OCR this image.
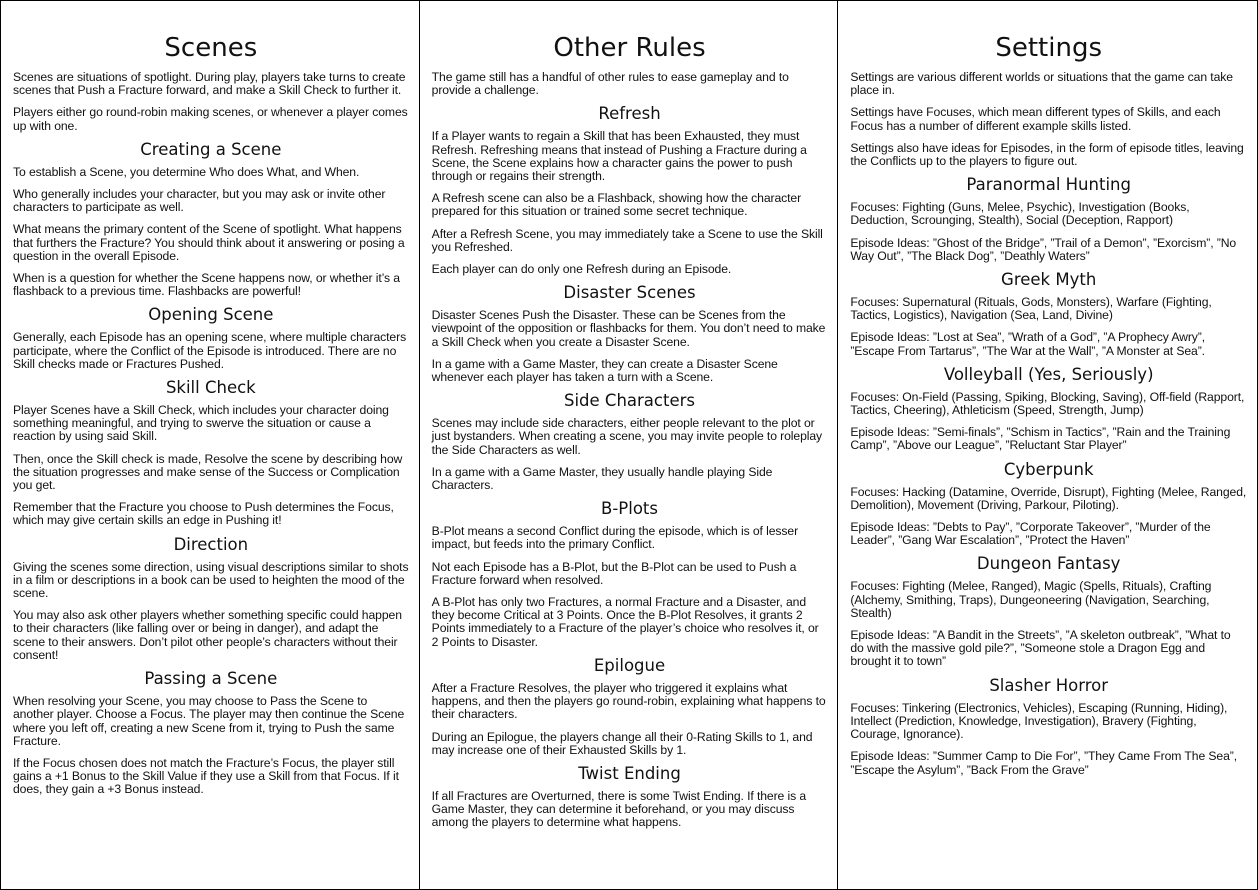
Scenes

Scenes are situations of spotlight. During play, players take turns to create scenes that Push a Fracture forward, and make a Skill Check to further it.

Players either go round-robin making scenes, or whenever a player comes up with one.

Creating a Scene

To establish a Scene, you determine Who does What, and When.

Who generally includes your character, but you may ask or invite other characters to participate as well.

What means the primary content of the Scene of spotlight. What happens that furthers the Fracture? You should think about it answering or posing a question in the overall Episode.

When is a question for whether the Scene happens now, or whether it’s a flashback to a previous time. Flashbacks are powerful!

Opening Scene

Generally, each Episode has an opening scene, where multiple characters participate, where the Conflict of the Episode is introduced. There are no Skill checks made or Fractures Pushed.

Skill Check

Player Scenes have a Skill Check, which includes your character doing something meaningful, and trying to swerve the situation or cause a reaction by using said Skill.

Then, once the Skill check is made, Resolve the scene by describing how the situation progresses and make sense of the Success or Complication you get.

Remember that the Fracture you choose to Push determines the Focus, which may give certain skills an edge in Pushing it!

Direction

Giving the scenes some direction, using visual descriptions similar to shots in a film or descriptions in a book can be used to heighten the mood of the scene.

You may also ask other players whether something specific could happen to their characters (like falling over or being in danger), and adapt the scene to their answers. Don’t pilot other people’s characters without their consent!

Passing a Scene

When resolving your Scene, you may choose to Pass the Scene to another player. Choose a Focus. The player may then continue the Scene where you left off, creating a new Scene from it, trying to Push the same Fracture.

If the Focus chosen does not match the Fracture’s Focus, the player still gains a +1 Bonus to the Skill Value if they use a Skill from that Focus. If it does, they gain a +3 Bonus instead.

Other Rules

The game still has a handful of other rules to ease gameplay and to provide a challenge.

Refresh

If a Player wants to regain a Skill that has been Exhausted, they must Refresh. Refreshing means that instead of Pushing a Fracture during a Scene, the Scene explains how a character gains the power to push through or regains their strength.

A Refresh scene can also be a Flashback, showing how the character prepared for this situation or trained some secret technique.

After a Refresh Scene, you may immediately take a Scene to use the Skill you Refreshed.

Each player can do only one Refresh during an Episode.

Disaster Scenes

Disaster Scenes Push the Disaster. These can be Scenes from the viewpoint of the opposition or flashbacks for them. You don’t need to make a Skill Check when you create a Disaster Scene.

In a game with a Game Master, they can create a Disaster Scene whenever each player has taken a turn with a Scene.

Side Characters

Scenes may include side characters, either people relevant to the plot or just bystanders. When creating a scene, you may invite people to roleplay the Side Characters as well.

In a game with a Game Master, they usually handle playing Side Characters.

B-Plots

B-Plot means a second Conflict during the episode, which is of lesser impact, but feeds into the primary Conflict.

Not each Episode has a B-Plot, but the B-Plot can be used to Push a Fracture forward when resolved.

A B-Plot has only two Fractures, a normal Fracture and a Disaster, and they become Critical at 3 Points. Once the B-Plot Resolves, it grants 2 Points immediately to a Fracture of the player’s choice who resolves it, or 2 Points to Disaster.

Epilogue

After a Fracture Resolves, the player who triggered it explains what happens, and then the players go round-robin, explaining what happens to their characters.

During an Epilogue, the players change all their 0-Rating Skills to 1, and may increase one of their Exhausted Skills by 1.

Twist Ending

If all Fractures are Overturned, there is some Twist Ending. If there is a Game Master, they can determine it beforehand, or you may discuss among the players to determine what happens.

Settings

Settings are various different worlds or situations that the game can take place in.

Settings have Focuses, which mean different types of Skills, and each Focus has a number of different example skills listed.

Settings also have ideas for Episodes, in the form of episode titles, leaving the Conflicts up to the players to figure out.

Paranormal Hunting

Focuses: Fighting (Guns, Melee, Psychic), Investigation (Books, Deduction, Scrounging, Stealth), Social (Deception, Rapport)

Episode Ideas: ”Ghost of the Bridge”, ”Trail of a Demon”, ”Exorcism”, ”No Way Out”, ”The Black Dog”, ”Deathly Waters”

Greek Myth

Focuses: Supernatural (Rituals, Gods, Monsters), Warfare (Fighting, Tactics, Logistics), Navigation (Sea, Land, Divine)

Episode Ideas: ”Lost at Sea”, ”Wrath of a God”, ”A Prophecy Awry”, ”Escape From Tartarus”, ”The War at the Wall”, ”A Monster at Sea”.

Volleyball (Yes, Seriously)

Focuses: On-Field (Passing, Spiking, Blocking, Saving), Off-field (Rapport, Tactics, Cheering), Athleticism (Speed, Strength, Jump)

Episode Ideas: ”Semi-finals”, ”Schism in Tactics”, ”Rain and the Training Camp”, ”Above our League”, ”Reluctant Star Player”

Cyberpunk

Focuses: Hacking (Datamine, Override, Disrupt), Fighting (Melee, Ranged, Demolition), Movement (Driving, Parkour, Piloting).

Episode Ideas: ”Debts to Pay”, ”Corporate Takeover”, ”Murder of the Leader”, ”Gang War Escalation”, ”Protect the Haven”

Dungeon Fantasy

Focuses: Fighting (Melee, Ranged), Magic (Spells, Rituals), Crafting (Alchemy, Smithing, Traps), Dungeoneering (Navigation, Searching, Stealth)

Episode Ideas: ”A Bandit in the Streets”, ”A skeleton outbreak”, ”What to do with the massive gold pile?”, ”Someone stole a Dragon Egg and brought it to town”

Slasher Horror

Focuses: Tinkering (Electronics, Vehicles), Escaping (Running, Hiding), Intellect (Prediction, Knowledge, Investigation), Bravery (Fighting, Courage, Ignorance).

Episode Ideas: ”Summer Camp to Die For”, ”They Came From The Sea”, ”Escape the Asylum”, ”Back From the Grave”
